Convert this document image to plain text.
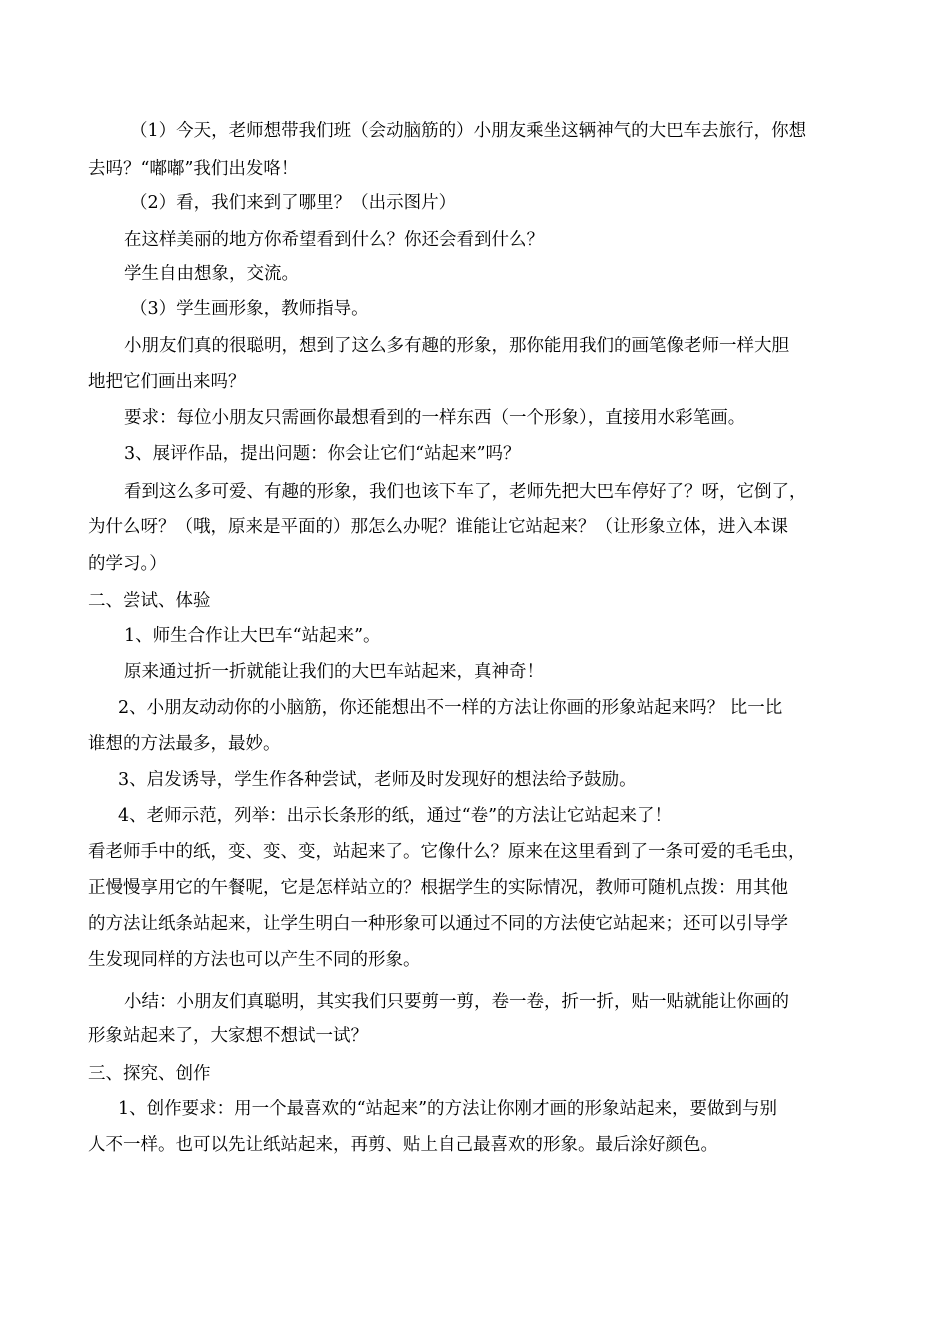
（1）今天，老师想带我们班（会动脑筋的）小朋友乘坐这辆神气的大巴车去旅行，你想
去吗？“嘟嘟”我们出发咯！
（2）看，我们来到了哪里？（出示图片）
在这样美丽的地方你希望看到什么？你还会看到什么？
学生自由想象，交流。
（3）学生画形象，教师指导。
小朋友们真的很聪明，想到了这么多有趣的形象，那你能用我们的画笔像老师一样大胆
地把它们画出来吗？
要求：每位小朋友只需画你最想看到的一样东西（一个形象），直接用水彩笔画。
3、展评作品，提出问题：你会让它们“站起来”吗？
看到这么多可爱、有趣的形象，我们也该下车了，老师先把大巴车停好了？呀，它倒了，
为什么呀？（哦，原来是平面的）那怎么办呢？谁能让它站起来？（让形象立体，进入本课
的学习。）
二、尝试、体验
1、师生合作让大巴车“站起来”。
原来通过折一折就能让我们的大巴车站起来，真神奇！
2、小朋友动动你的小脑筋，你还能想出不一样的方法让你画的形象站起来吗？ 比一比
谁想的方法最多，最妙。
3、启发诱导，学生作各种尝试，老师及时发现好的想法给予鼓励。
4、老师示范，列举：出示长条形的纸，通过“卷”的方法让它站起来了！
看老师手中的纸，变、变、变，站起来了。它像什么？原来在这里看到了一条可爱的毛毛虫，
正慢慢享用它的午餐呢，它是怎样站立的？根据学生的实际情况，教师可随机点拨：用其他
的方法让纸条站起来，让学生明白一种形象可以通过不同的方法使它站起来；还可以引导学
生发现同样的方法也可以产生不同的形象。
小结：小朋友们真聪明，其实我们只要剪一剪，卷一卷，折一折，贴一贴就能让你画的
形象站起来了，大家想不想试一试？
三、探究、创作
1、创作要求：用一个最喜欢的“站起来”的方法让你刚才画的形象站起来，要做到与别
人不一样。也可以先让纸站起来，再剪、贴上自己最喜欢的形象。最后涂好颜色。
